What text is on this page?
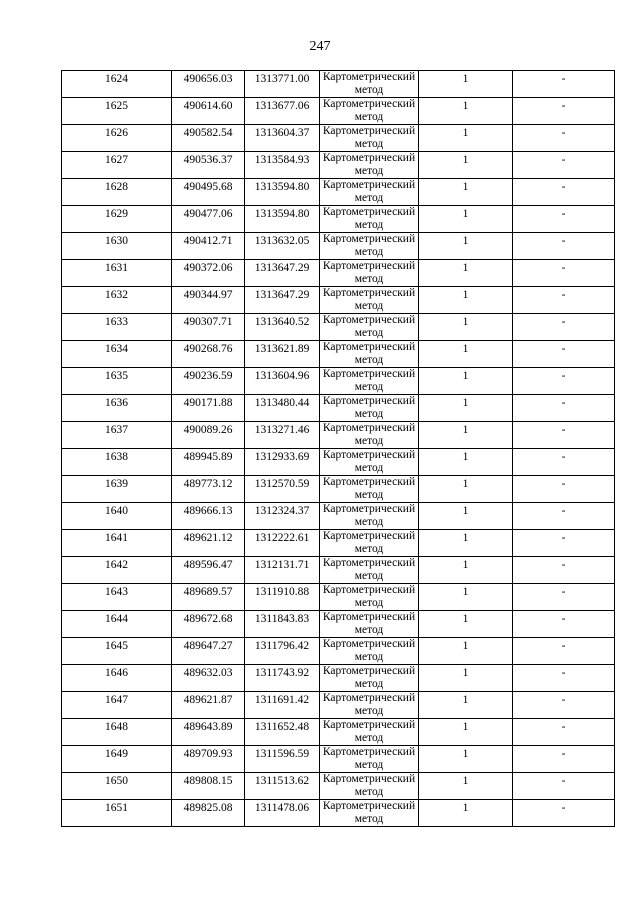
247
1624	490656.03	1313771.00	Картометрический метод	1	-

1625	490614.60	1313677.06	Картометрический метод	1	-

1626	490582.54	1313604.37	Картометрический метод	1	-

1627	490536.37	1313584.93	Картометрический метод	1	-

1628	490495.68	1313594.80	Картометрический метод	1	-

1629	490477.06	1313594.80	Картометрический метод	1	-

1630	490412.71	1313632.05	Картометрический метод	1	-

1631	490372.06	1313647.29	Картометрический метод	1	-

1632	490344.97	1313647.29	Картометрический метод	1	-

1633	490307.71	1313640.52	Картометрический метод	1	-

1634	490268.76	1313621.89	Картометрический метод	1	-

1635	490236.59	1313604.96	Картометрический метод	1	-

1636	490171.88	1313480.44	Картометрический метод	1	-

1637	490089.26	1313271.46	Картометрический метод	1	-

1638	489945.89	1312933.69	Картометрический метод	1	-

1639	489773.12	1312570.59	Картометрический метод	1	-

1640	489666.13	1312324.37	Картометрический метод	1	-

1641	489621.12	1312222.61	Картометрический метод	1	-

1642	489596.47	1312131.71	Картометрический метод	1	-

1643	489689.57	1311910.88	Картометрический метод	1	-

1644	489672.68	1311843.83	Картометрический метод	1	-

1645	489647.27	1311796.42	Картометрический метод	1	-

1646	489632.03	1311743.92	Картометрический метод	1	-

1647	489621.87	1311691.42	Картометрический метод	1	-

1648	489643.89	1311652.48	Картометрический метод	1	-

1649	489709.93	1311596.59	Картометрический метод	1	-

1650	489808.15	1311513.62	Картометрический метод	1	-

1651	489825.08	1311478.06	Картометрический метод	1	-
